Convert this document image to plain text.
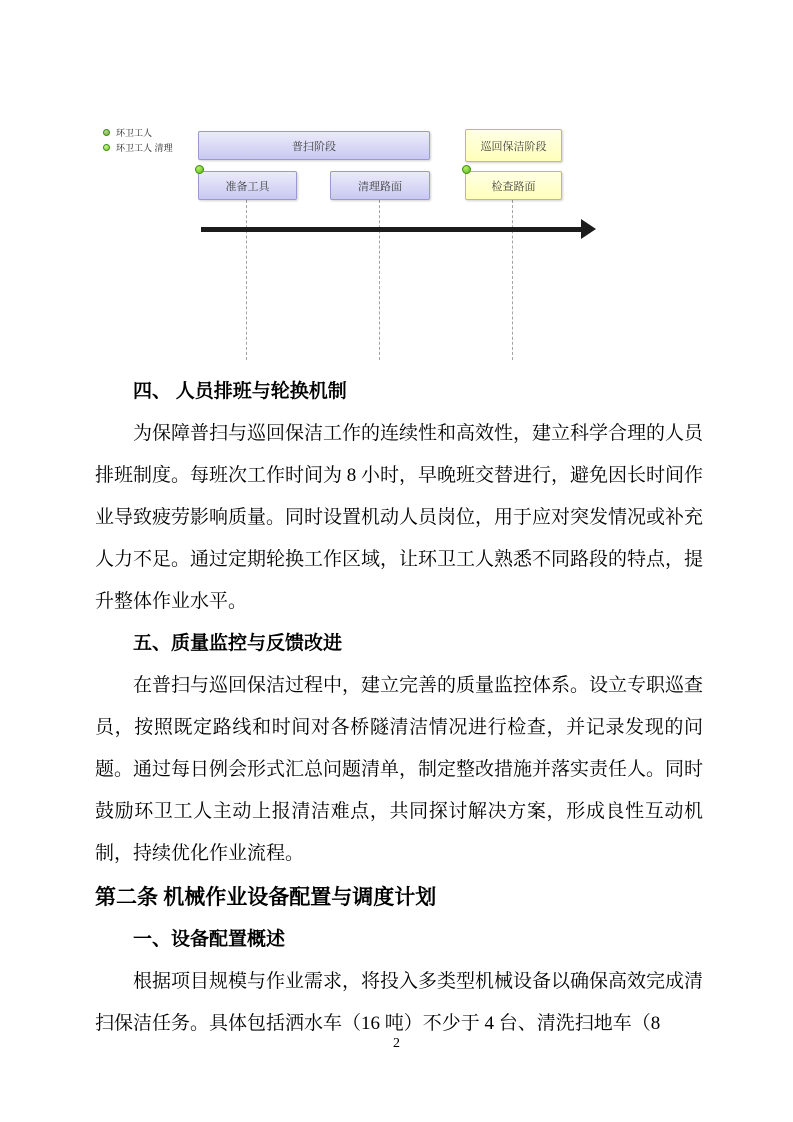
环卫工人
环卫工人 清理	普扫阶段	巡回保洁阶段
准备工具	清理路面	检查路面
四、 人员排班与轮换机制
为保障普扫与巡回保洁工作的连续性和高效性，建立科学合理的人员排班制度。每班次工作时间为 8 小时，早晚班交替进行，避免因长时间作业导致疲劳影响质量。同时设置机动人员岗位，用于应对突发情况或补充人力不足。通过定期轮换工作区域，让环卫工人熟悉不同路段的特点，提升整体作业水平。
五、质量监控与反馈改进
在普扫与巡回保洁过程中，建立完善的质量监控体系。设立专职巡查员，按照既定路线和时间对各桥隧清洁情况进行检查，并记录发现的问题。通过每日例会形式汇总问题清单，制定整改措施并落实责任人。同时鼓励环卫工人主动上报清洁难点，共同探讨解决方案，形成良性互动机制，持续优化作业流程。
第二条 机械作业设备配置与调度计划
一、设备配置概述
根据项目规模与作业需求，将投入多类型机械设备以确保高效完成清扫保洁任务。具体包括洒水车（16 吨）不少于 4 台、清洗扫地车（8
2
